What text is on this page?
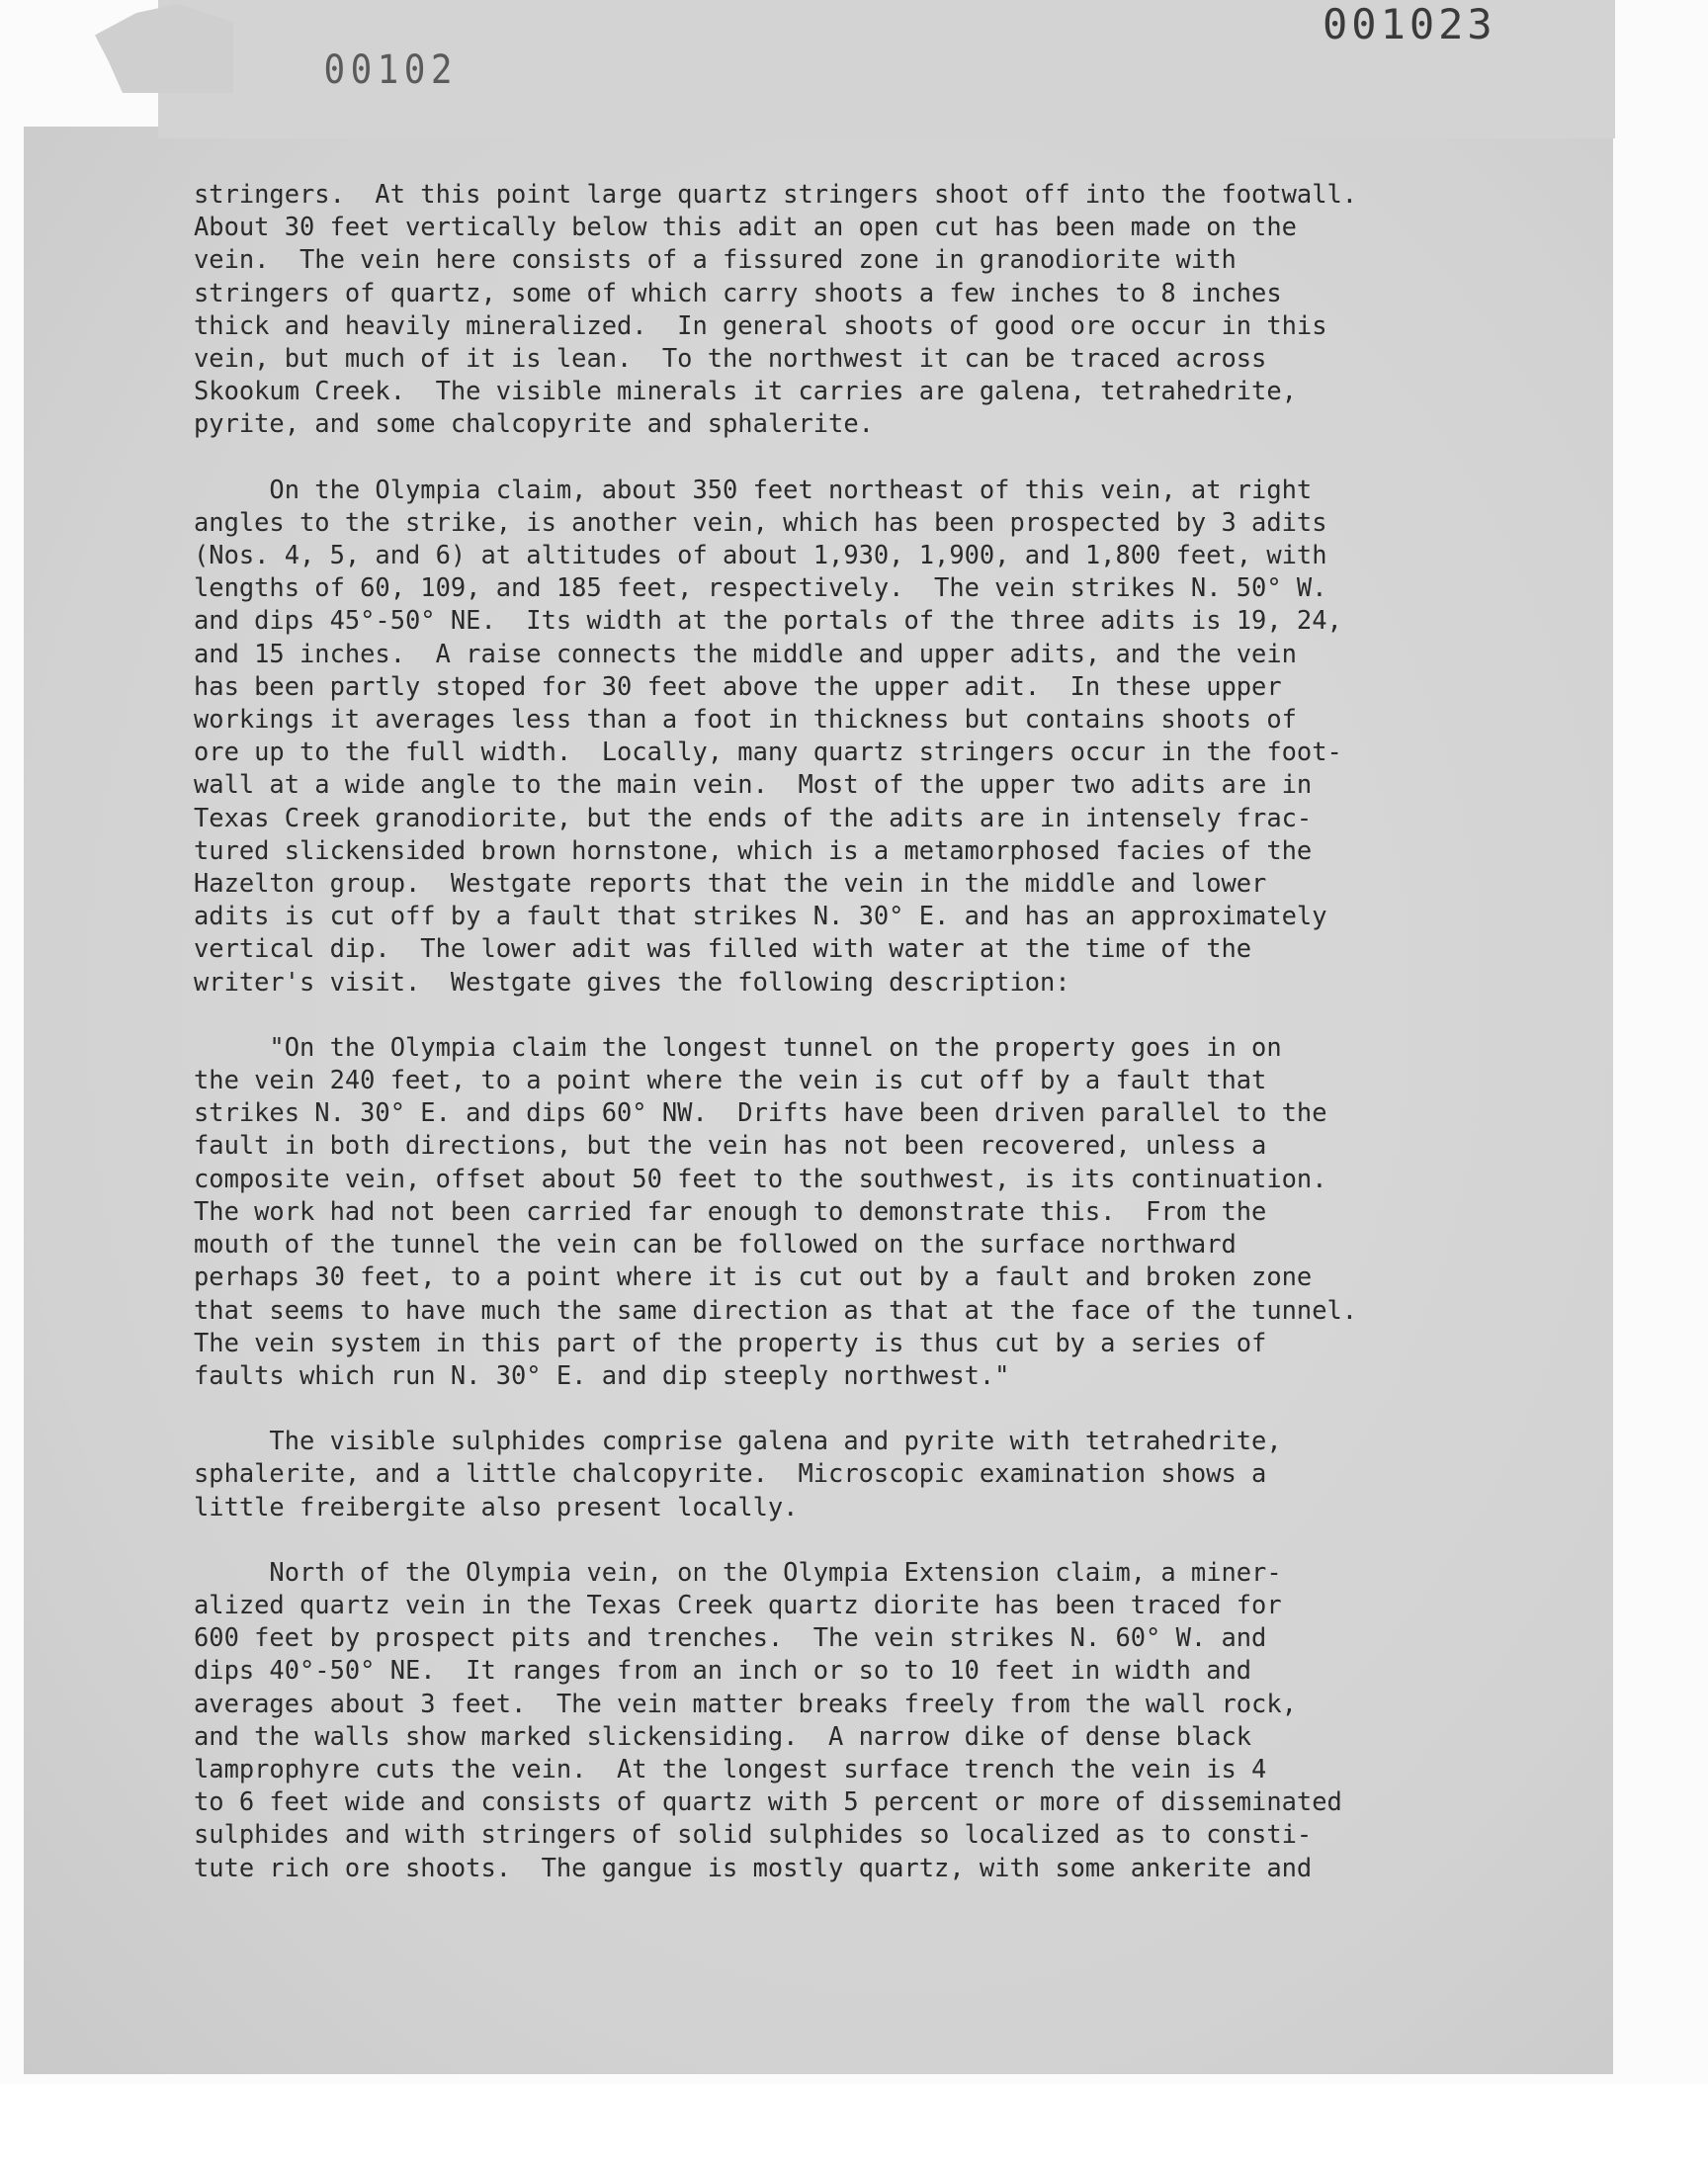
001023
00102
stringers.  At this point large quartz stringers shoot off into the footwall.
About 30 feet vertically below this adit an open cut has been made on the
vein.  The vein here consists of a fissured zone in granodiorite with
stringers of quartz, some of which carry shoots a few inches to 8 inches
thick and heavily mineralized.  In general shoots of good ore occur in this
vein, but much of it is lean.  To the northwest it can be traced across
Skookum Creek.  The visible minerals it carries are galena, tetrahedrite,
pyrite, and some chalcopyrite and sphalerite.
On the Olympia claim, about 350 feet northeast of this vein, at right
angles to the strike, is another vein, which has been prospected by 3 adits
(Nos. 4, 5, and 6) at altitudes of about 1,930, 1,900, and 1,800 feet, with
lengths of 60, 109, and 185 feet, respectively.  The vein strikes N. 50° W.
and dips 45°-50° NE.  Its width at the portals of the three adits is 19, 24,
and 15 inches.  A raise connects the middle and upper adits, and the vein
has been partly stoped for 30 feet above the upper adit.  In these upper
workings it averages less than a foot in thickness but contains shoots of
ore up to the full width.  Locally, many quartz stringers occur in the foot-
wall at a wide angle to the main vein.  Most of the upper two adits are in
Texas Creek granodiorite, but the ends of the adits are in intensely frac-
tured slickensided brown hornstone, which is a metamorphosed facies of the
Hazelton group.  Westgate reports that the vein in the middle and lower
adits is cut off by a fault that strikes N. 30° E. and has an approximately
vertical dip.  The lower adit was filled with water at the time of the
writer's visit.  Westgate gives the following description:
"On the Olympia claim the longest tunnel on the property goes in on
the vein 240 feet, to a point where the vein is cut off by a fault that
strikes N. 30° E. and dips 60° NW.  Drifts have been driven parallel to the
fault in both directions, but the vein has not been recovered, unless a
composite vein, offset about 50 feet to the southwest, is its continuation.
The work had not been carried far enough to demonstrate this.  From the
mouth of the tunnel the vein can be followed on the surface northward
perhaps 30 feet, to a point where it is cut out by a fault and broken zone
that seems to have much the same direction as that at the face of the tunnel.
The vein system in this part of the property is thus cut by a series of
faults which run N. 30° E. and dip steeply northwest."
The visible sulphides comprise galena and pyrite with tetrahedrite,
sphalerite, and a little chalcopyrite.  Microscopic examination shows a
little freibergite also present locally.
North of the Olympia vein, on the Olympia Extension claim, a miner-
alized quartz vein in the Texas Creek quartz diorite has been traced for
600 feet by prospect pits and trenches.  The vein strikes N. 60° W. and
dips 40°-50° NE.  It ranges from an inch or so to 10 feet in width and
averages about 3 feet.  The vein matter breaks freely from the wall rock,
and the walls show marked slickensiding.  A narrow dike of dense black
lamprophyre cuts the vein.  At the longest surface trench the vein is 4
to 6 feet wide and consists of quartz with 5 percent or more of disseminated
sulphides and with stringers of solid sulphides so localized as to consti-
tute rich ore shoots.  The gangue is mostly quartz, with some ankerite and
